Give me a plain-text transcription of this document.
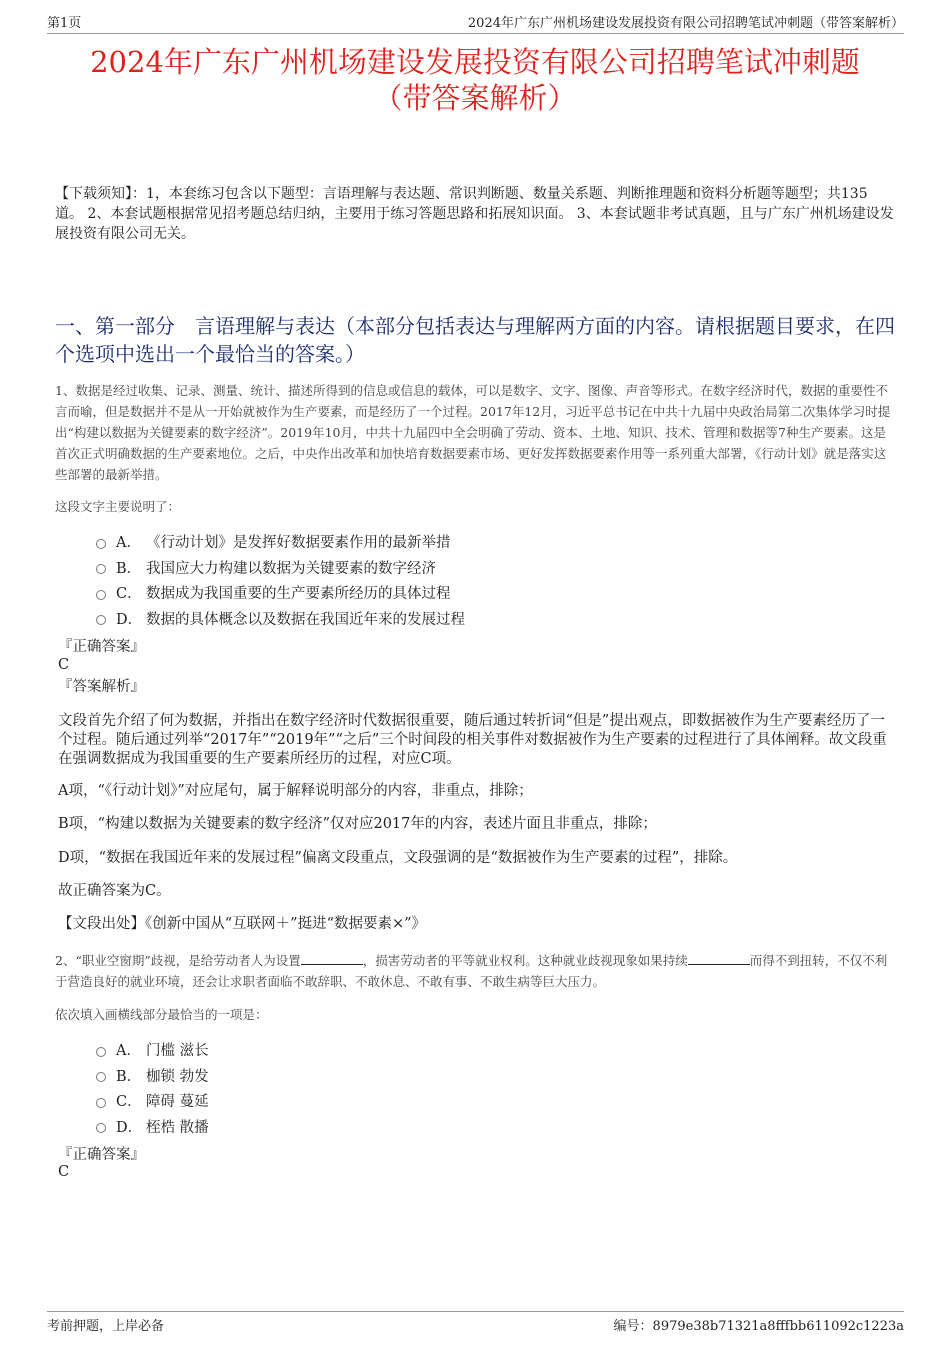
第1页	2024年广东广州机场建设发展投资有限公司招聘笔试冲刺题（带答案解析）
2024年广东广州机场建设发展投资有限公司招聘笔试冲刺题
（带答案解析）
【下载须知】：1，本套练习包含以下题型：言语理解与表达题、常识判断题、数量关系题、判断推理题和资料分析题等题型；共135道。 2、本套试题根据常见招考题总结归纳，主要用于练习答题思路和拓展知识面。 3、本套试题非考试真题，且与广东广州机场建设发展投资有限公司无关。
一、第一部分　言语理解与表达（本部分包括表达与理解两方面的内容。请根据题目要求，在四个选项中选出一个最恰当的答案。）
1、数据是经过收集、记录、测量、统计、描述所得到的信息或信息的载体，可以是数字、文字、图像、声音等形式。在数字经济时代，数据的重要性不言而喻，但是数据并不是从一开始就被作为生产要素，而是经历了一个过程。2017年12月，习近平总书记在中共十九届中央政治局第二次集体学习时提出“构建以数据为关键要素的数字经济”。2019年10月，中共十九届四中全会明确了劳动、资本、土地、知识、技术、管理和数据等7种生产要素。这是首次正式明确数据的生产要素地位。之后，中央作出改革和加快培育数据要素市场、更好发挥数据要素作用等一系列重大部署，《行动计划》就是落实这些部署的最新举措。
这段文字主要说明了：
A． 《行动计划》是发挥好数据要素作用的最新举措
B． 我国应大力构建以数据为关键要素的数字经济
C． 数据成为我国重要的生产要素所经历的具体过程
D． 数据的具体概念以及数据在我国近年来的发展过程
『正确答案』
C
『答案解析』
文段首先介绍了何为数据，并指出在数字经济时代数据很重要，随后通过转折词“但是”提出观点，即数据被作为生产要素经历了一个过程。随后通过列举“2017年”“2019年”“之后”三个时间段的相关事件对数据被作为生产要素的过程进行了具体阐释。故文段重在强调数据成为我国重要的生产要素所经历的过程，对应C项。
A项，“《行动计划》”对应尾句，属于解释说明部分的内容，非重点，排除；
B项，“构建以数据为关键要素的数字经济”仅对应2017年的内容，表述片面且非重点，排除；
D项，“数据在我国近年来的发展过程”偏离文段重点，文段强调的是“数据被作为生产要素的过程”，排除。
故正确答案为C。
【文段出处】《创新中国从“互联网＋”挺进“数据要素×”》
2、“职业空窗期”歧视，是给劳动者人为设置	，损害劳动者的平等就业权利。这种就业歧视现象如果持续	而得不到扭转，不仅不利于营造良好的就业环境，还会让求职者面临不敢辞职、不敢休息、不敢有事、不敢生病等巨大压力。
依次填入画横线部分最恰当的一项是：
A． 门槛 滋长
B． 枷锁 勃发
C． 障碍 蔓延
D． 桎梏 散播
『正确答案』
C
考前押题，上岸必备	编号：8979e38b71321a8fffbb611092c1223a
